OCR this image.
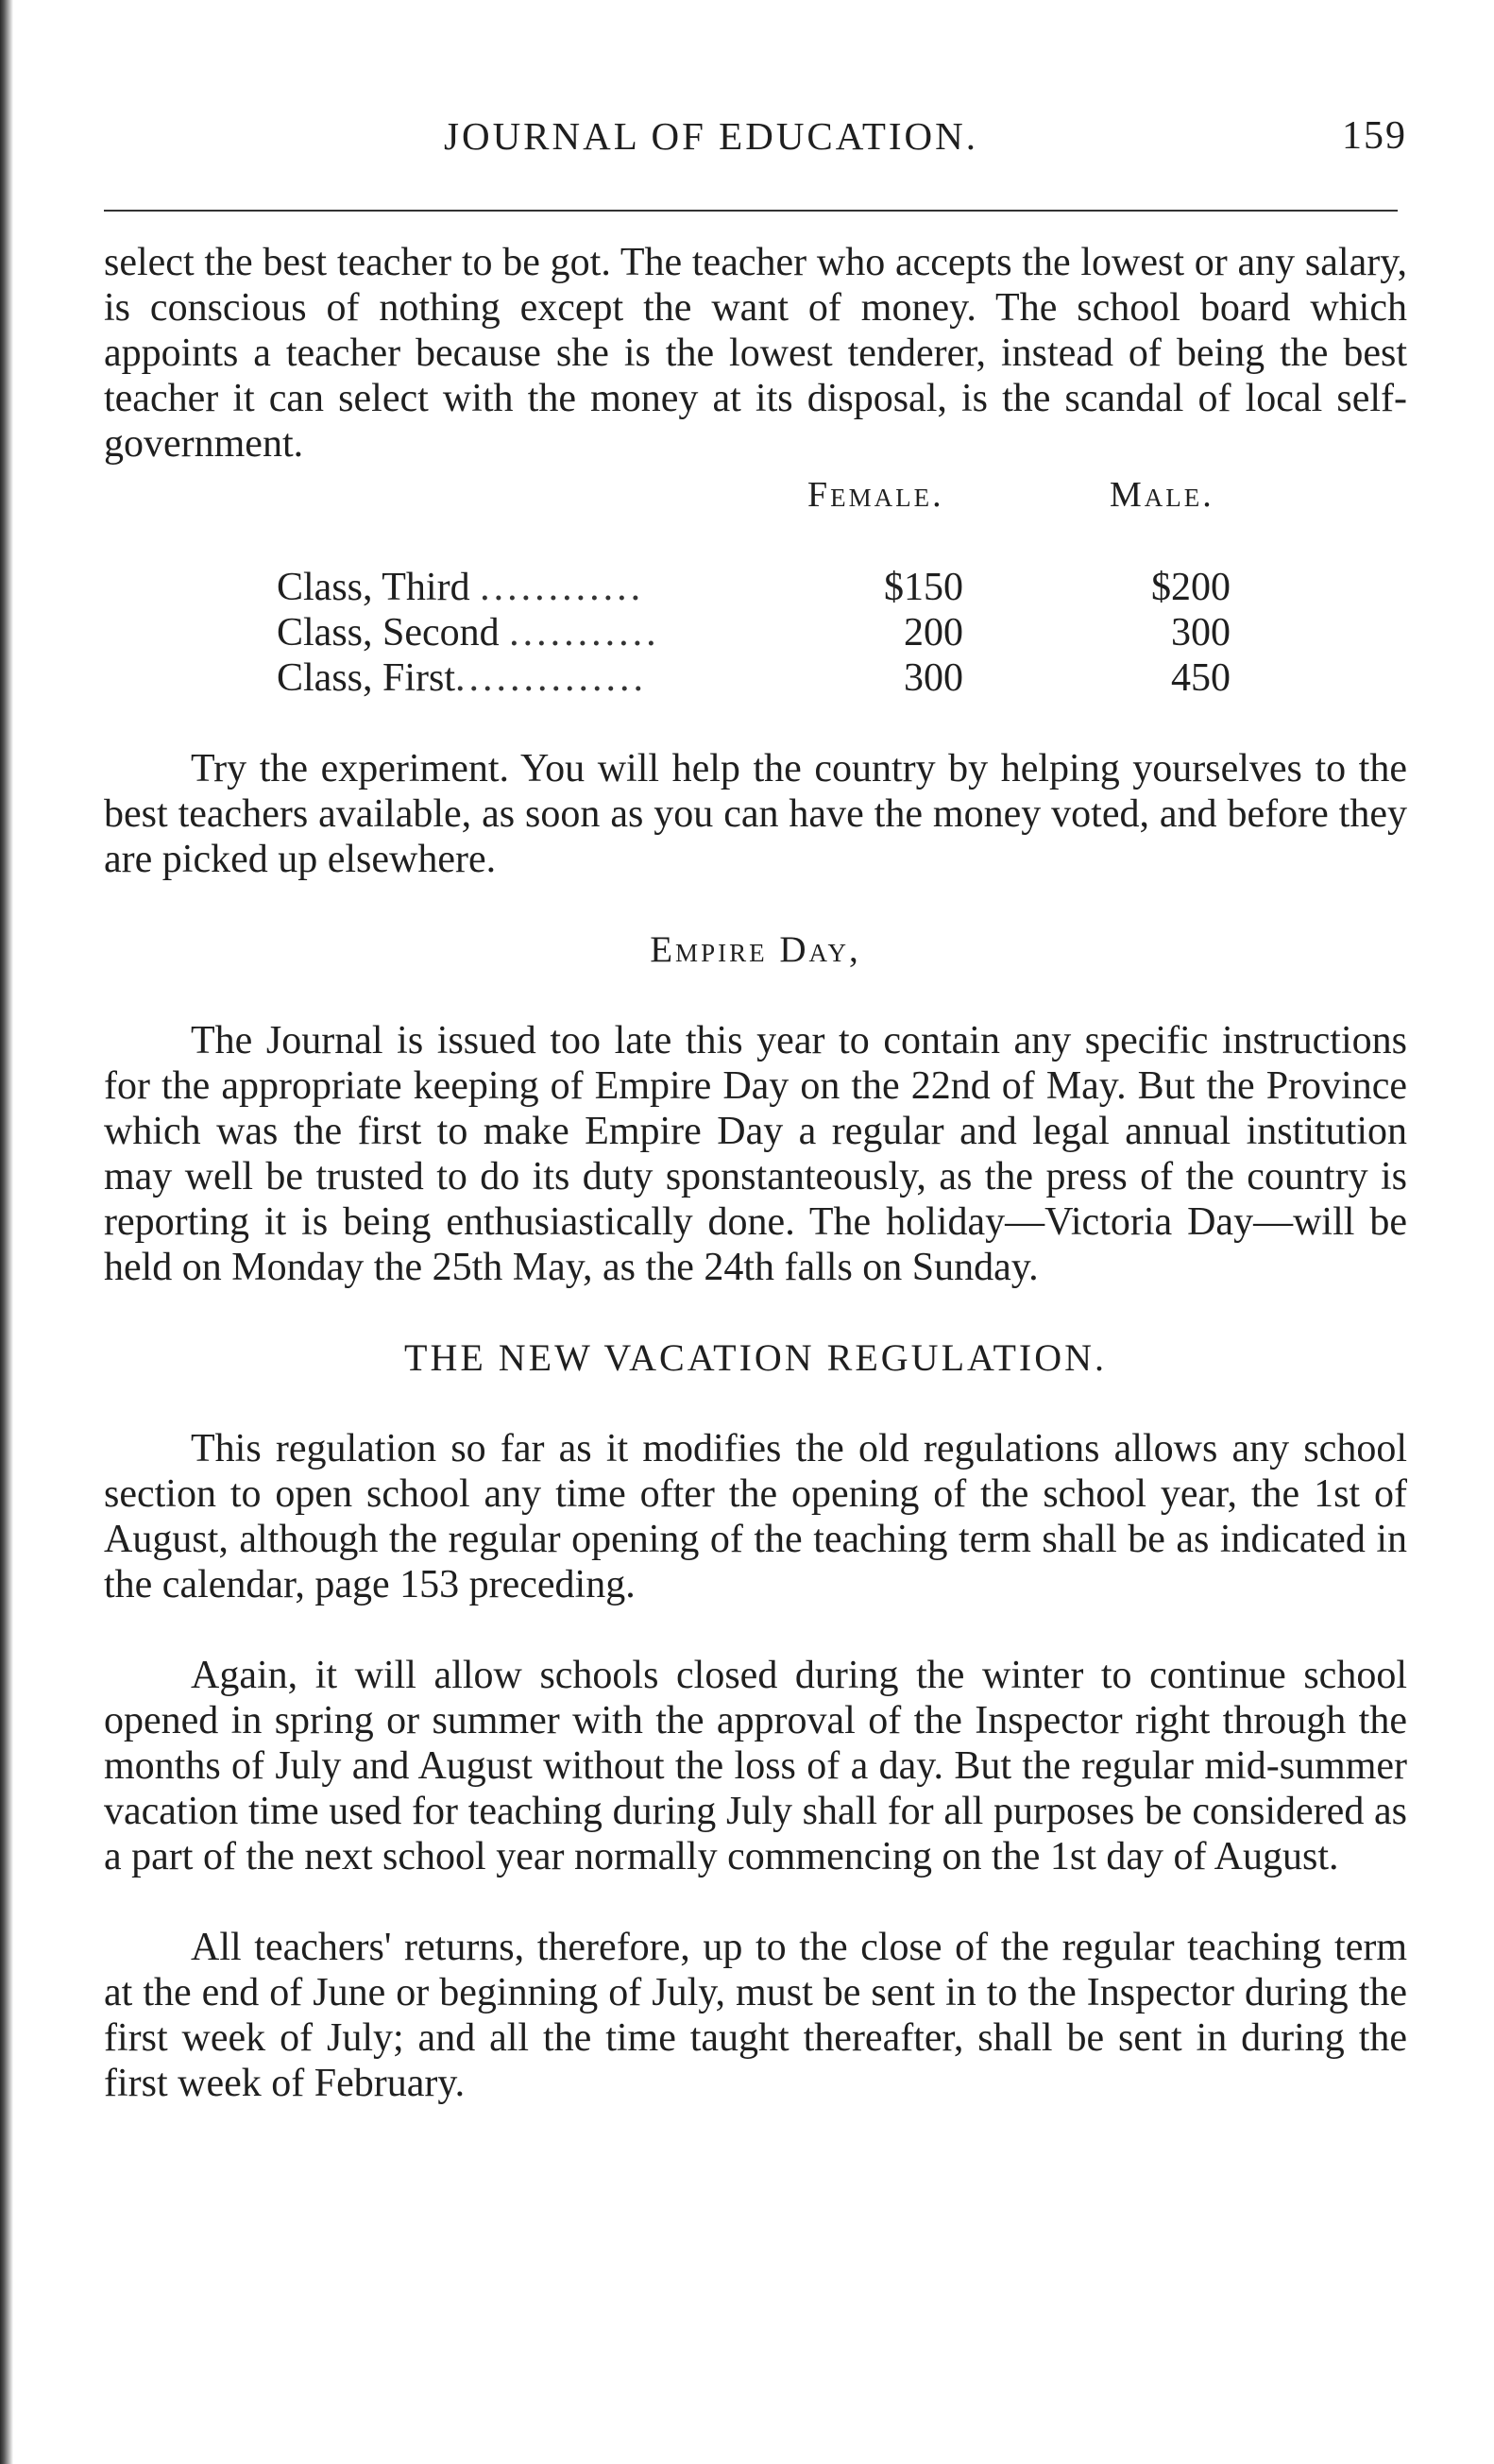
JOURNAL OF EDUCATION.	159

select the best teacher to be got. The teacher who accepts the lowest or any salary, is conscious of nothing except the want of money. The school board which appoints a teacher because she is the lowest tenderer, instead of being the best teacher it can select with the money at its disposal, is the scandal of local self-government.

Female.	Male.
Class, Third ............	$150	$200
Class, Second ...........	200	300
Class, First..............	300	450

Try the experiment. You will help the country by helping yourselves to the best teachers available, as soon as you can have the money voted, and before they are picked up elsewhere.

Empire Day,

The Journal is issued too late this year to contain any specific instructions for the appropriate keeping of Empire Day on the 22nd of May. But the Province which was the first to make Empire Day a regular and legal annual institution may well be trusted to do its duty sponstanteously, as the press of the country is reporting it is being enthusiastically done. The holiday—Victoria Day—will be held on Monday the 25th May, as the 24th falls on Sunday.

THE NEW VACATION REGULATION.

This regulation so far as it modifies the old regulations allows any school section to open school any time ofter the opening of the school year, the 1st of August, although the regular opening of the teaching term shall be as indicated in the calendar, page 153 preceding.

Again, it will allow schools closed during the winter to continue school opened in spring or summer with the approval of the Inspector right through the months of July and August without the loss of a day. But the regular mid-summer vacation time used for teaching during July shall for all purposes be considered as a part of the next school year normally commencing on the 1st day of August.

All teachers' returns, therefore, up to the close of the regular teaching term at the end of June or beginning of July, must be sent in to the Inspector during the first week of July; and all the time taught thereafter, shall be sent in during the first week of February.
